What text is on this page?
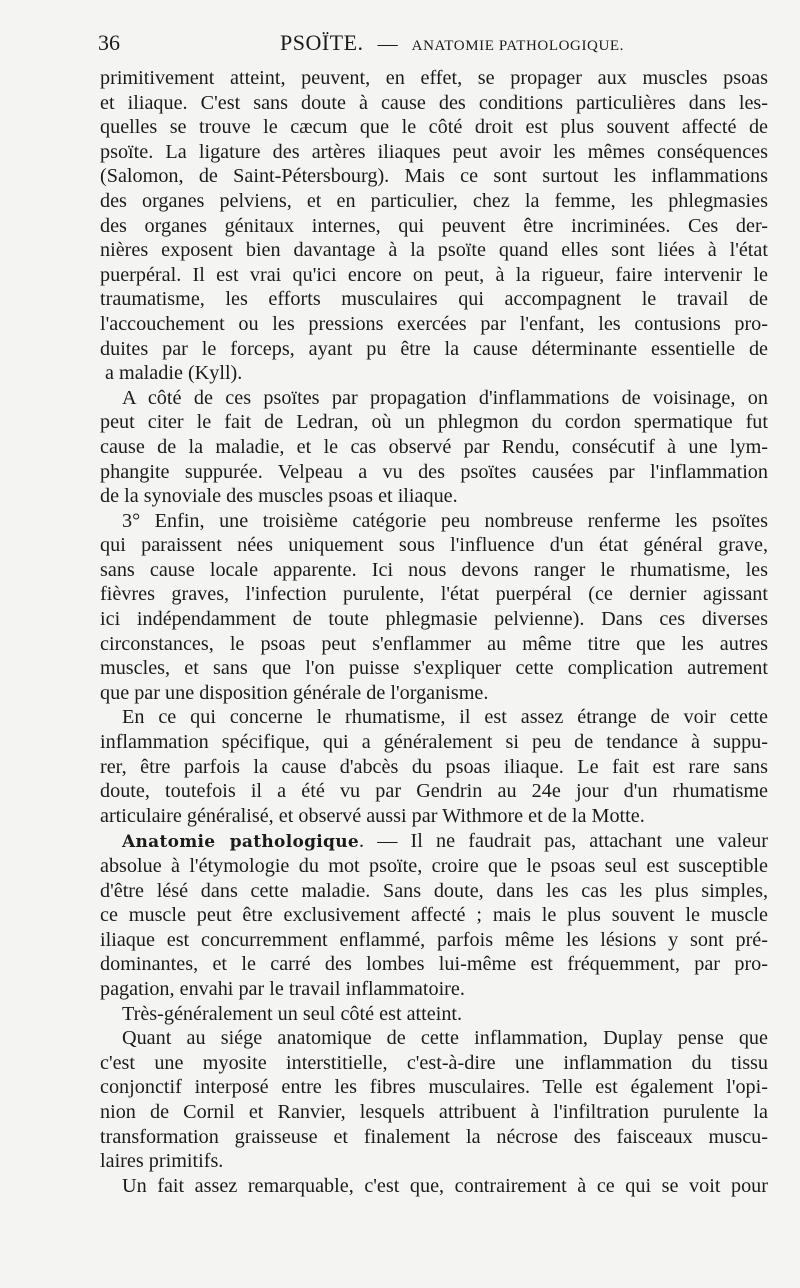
36	PSOÏTE. — ANATOMIE PATHOLOGIQUE.
primitivement atteint, peuvent, en effet, se propager aux muscles psoas
et iliaque. C'est sans doute à cause des conditions particulières dans les-
quelles se trouve le cæcum que le côté droit est plus souvent affecté de
psoïte. La ligature des artères iliaques peut avoir les mêmes conséquences
(Salomon, de Saint-Pétersbourg). Mais ce sont surtout les inflammations
des organes pelviens, et en particulier, chez la femme, les phlegmasies
des organes génitaux internes, qui peuvent être incriminées. Ces der-
nières exposent bien davantage à la psoïte quand elles sont liées à l'état
puerpéral. Il est vrai qu'ici encore on peut, à la rigueur, faire intervenir le
traumatisme, les efforts musculaires qui accompagnent le travail de
l'accouchement ou les pressions exercées par l'enfant, les contusions pro-
duites par le forceps, ayant pu être la cause déterminante essentielle de
a maladie (Kyll).
A côté de ces psoïtes par propagation d'inflammations de voisinage, on
peut citer le fait de Ledran, où un phlegmon du cordon spermatique fut
cause de la maladie, et le cas observé par Rendu, consécutif à une lym-
phangite suppurée. Velpeau a vu des psoïtes causées par l'inflammation
de la synoviale des muscles psoas et iliaque.
3° Enfin, une troisième catégorie peu nombreuse renferme les psoïtes
qui paraissent nées uniquement sous l'influence d'un état général grave,
sans cause locale apparente. Ici nous devons ranger le rhumatisme, les
fièvres graves, l'infection purulente, l'état puerpéral (ce dernier agissant
ici indépendamment de toute phlegmasie pelvienne). Dans ces diverses
circonstances, le psoas peut s'enflammer au même titre que les autres
muscles, et sans que l'on puisse s'expliquer cette complication autrement
que par une disposition générale de l'organisme.
En ce qui concerne le rhumatisme, il est assez étrange de voir cette
inflammation spécifique, qui a généralement si peu de tendance à suppu-
rer, être parfois la cause d'abcès du psoas iliaque. Le fait est rare sans
doute, toutefois il a été vu par Gendrin au 24e jour d'un rhumatisme
articulaire généralisé, et observé aussi par Withmore et de la Motte.
Anatomie pathologique. — Il ne faudrait pas, attachant une valeur
absolue à l'étymologie du mot psoïte, croire que le psoas seul est susceptible
d'être lésé dans cette maladie. Sans doute, dans les cas les plus simples,
ce muscle peut être exclusivement affecté ; mais le plus souvent le muscle
iliaque est concurremment enflammé, parfois même les lésions y sont pré-
dominantes, et le carré des lombes lui-même est fréquemment, par pro-
pagation, envahi par le travail inflammatoire.
Très-généralement un seul côté est atteint.
Quant au siége anatomique de cette inflammation, Duplay pense que
c'est une myosite interstitielle, c'est-à-dire une inflammation du tissu
conjonctif interposé entre les fibres musculaires. Telle est également l'opi-
nion de Cornil et Ranvier, lesquels attribuent à l'infiltration purulente la
transformation graisseuse et finalement la nécrose des faisceaux muscu-
laires primitifs.
Un fait assez remarquable, c'est que, contrairement à ce qui se voit pour
